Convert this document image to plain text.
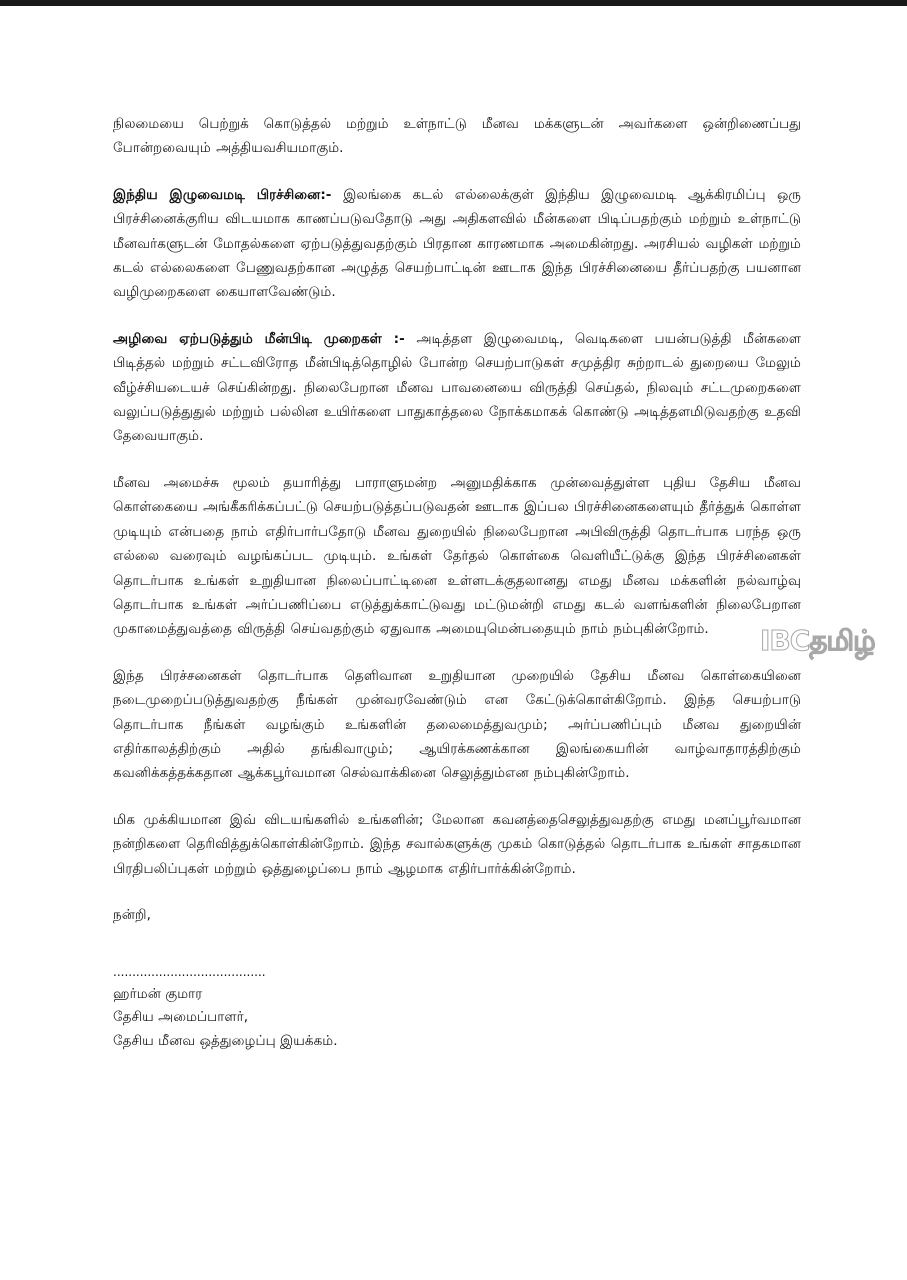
நிலமையை பெற்றுக் கொடுத்தல் மற்றும் உள்நாட்டு மீனவ மக்களுடன் அவர்களை ஒன்றிணைப்பது போன்றவையும் அத்தியவசியமாகும்.

இந்திய இழுவைமடி பிரச்சினை:- இலங்கை கடல் எல்லைக்குள் இந்திய இழுவைமடி ஆக்கிரமிப்பு ஒரு பிரச்சினைக்குரிய விடயமாக காணப்படுவதோடு அது அதிகளவில் மீன்களை பிடிப்பதற்கும் மற்றும் உள்நாட்டு மீனவர்களுடன் மோதல்களை ஏற்படுத்துவதற்கும் பிரதான காரணமாக அமைகின்றது. அரசியல் வழிகள் மற்றும் கடல் எல்லைகளை பேணுவதற்கான அழுத்த செயற்பாட்டின் ஊடாக இந்த பிரச்சினையை தீர்ப்பதற்கு பயனான வழிமுறைகளை கையாளவேண்டும்.

அழிவை ஏற்படுத்தும் மீன்பிடி முறைகள் :- அடித்தள இழுவைமடி, வெடிகளை பயன்படுத்தி மீன்களை பிடித்தல் மற்றும் சட்டவிரோத மீன்பிடித்தொழில் போன்ற செயற்பாடுகள் சமுத்திர சுற்றாடல் துறையை மேலும் வீழ்ச்சியடையச் செய்கின்றது. நிலைபேறான மீனவ பாவனையை விருத்தி செய்தல், நிலவும் சட்டமுறைகளை வலுப்படுத்துதுல் மற்றும் பல்லின உயிர்களை பாதுகாத்தலை நோக்கமாகக் கொண்டு அடித்தளமிடுவதற்கு உதவி தேவையாகும்.

மீனவ அமைச்சு மூலம் தயாரித்து பாராளுமன்ற அனுமதிக்காக முன்வைத்துள்ள புதிய தேசிய மீனவ கொள்கையை அங்கீகரிக்கப்பட்டு செயற்படுத்தப்படுவதன் ஊடாக இப்பல பிரச்சினைகளையும் தீர்த்துக் கொள்ள முடியும் என்பதை நாம் எதிர்பார்பதோடு மீனவ துறையில் நிலைபேறான அபிவிருத்தி தொடர்பாக பரந்த ஒரு எல்லை வரைவும் வழங்கப்பட முடியும். உங்கள் தேர்தல் கொள்கை வெளியீட்டுக்கு இந்த பிரச்சினைகள் தொடர்பாக உங்கள் உறுதியான நிலைப்பாட்டினை உள்ளடக்குதலானது எமது மீனவ மக்களின் நல்வாழ்வு தொடர்பாக உங்கள் அர்ப்பணிப்பை எடுத்துக்காட்டுவது மட்டுமன்றி எமது கடல் வளங்களின் நிலைபேறான முகாமைத்துவத்தை விருத்தி செய்வதற்கும் ஏதுவாக அமையுமென்பதையும் நாம் நம்புகின்றோம்.

இந்த பிரச்சனைகள் தொடர்பாக தெளிவான உறுதியான முறையில் தேசிய மீனவ கொள்கையினை நடைமுறைப்படுத்துவதற்கு நீங்கள் முன்வரவேண்டும் என கேட்டுக்கொள்கிறோம். இந்த செயற்பாடு தொடர்பாக நீங்கள் வழங்கும் உங்களின் தலைமைத்துவமும்; அர்ப்பணிப்பும் மீனவ துறையின் எதிர்காலத்திற்கும் அதில் தங்கிவாழும்; ஆயிரக்கணக்கான இலங்கையரின் வாழ்வாதாரத்திற்கும் கவனிக்கத்தக்கதான ஆக்கபூர்வமான செல்வாக்கினை செலுத்தும்என நம்புகின்றோம்.

மிக முக்கியமான இவ் விடயங்களில் உங்களின்; மேலான கவனத்தைசெலுத்துவதற்கு எமது மனப்பூர்வமான நன்றிகளை தெரிவித்துக்கொள்கின்றோம். இந்த சவால்களுக்கு முகம் கொடுத்தல் தொடர்பாக உங்கள் சாதகமான பிரதிபலிப்புகள் மற்றும் ஒத்துழைப்பை நாம் ஆழமாக எதிர்பார்க்கின்றோம்.

நன்றி,
........................................
ஹர்மன் குமார
தேசிய அமைப்பாளர்,
தேசிய மீனவ ஒத்துழைப்பு இயக்கம்.
IBCதமிழ்
